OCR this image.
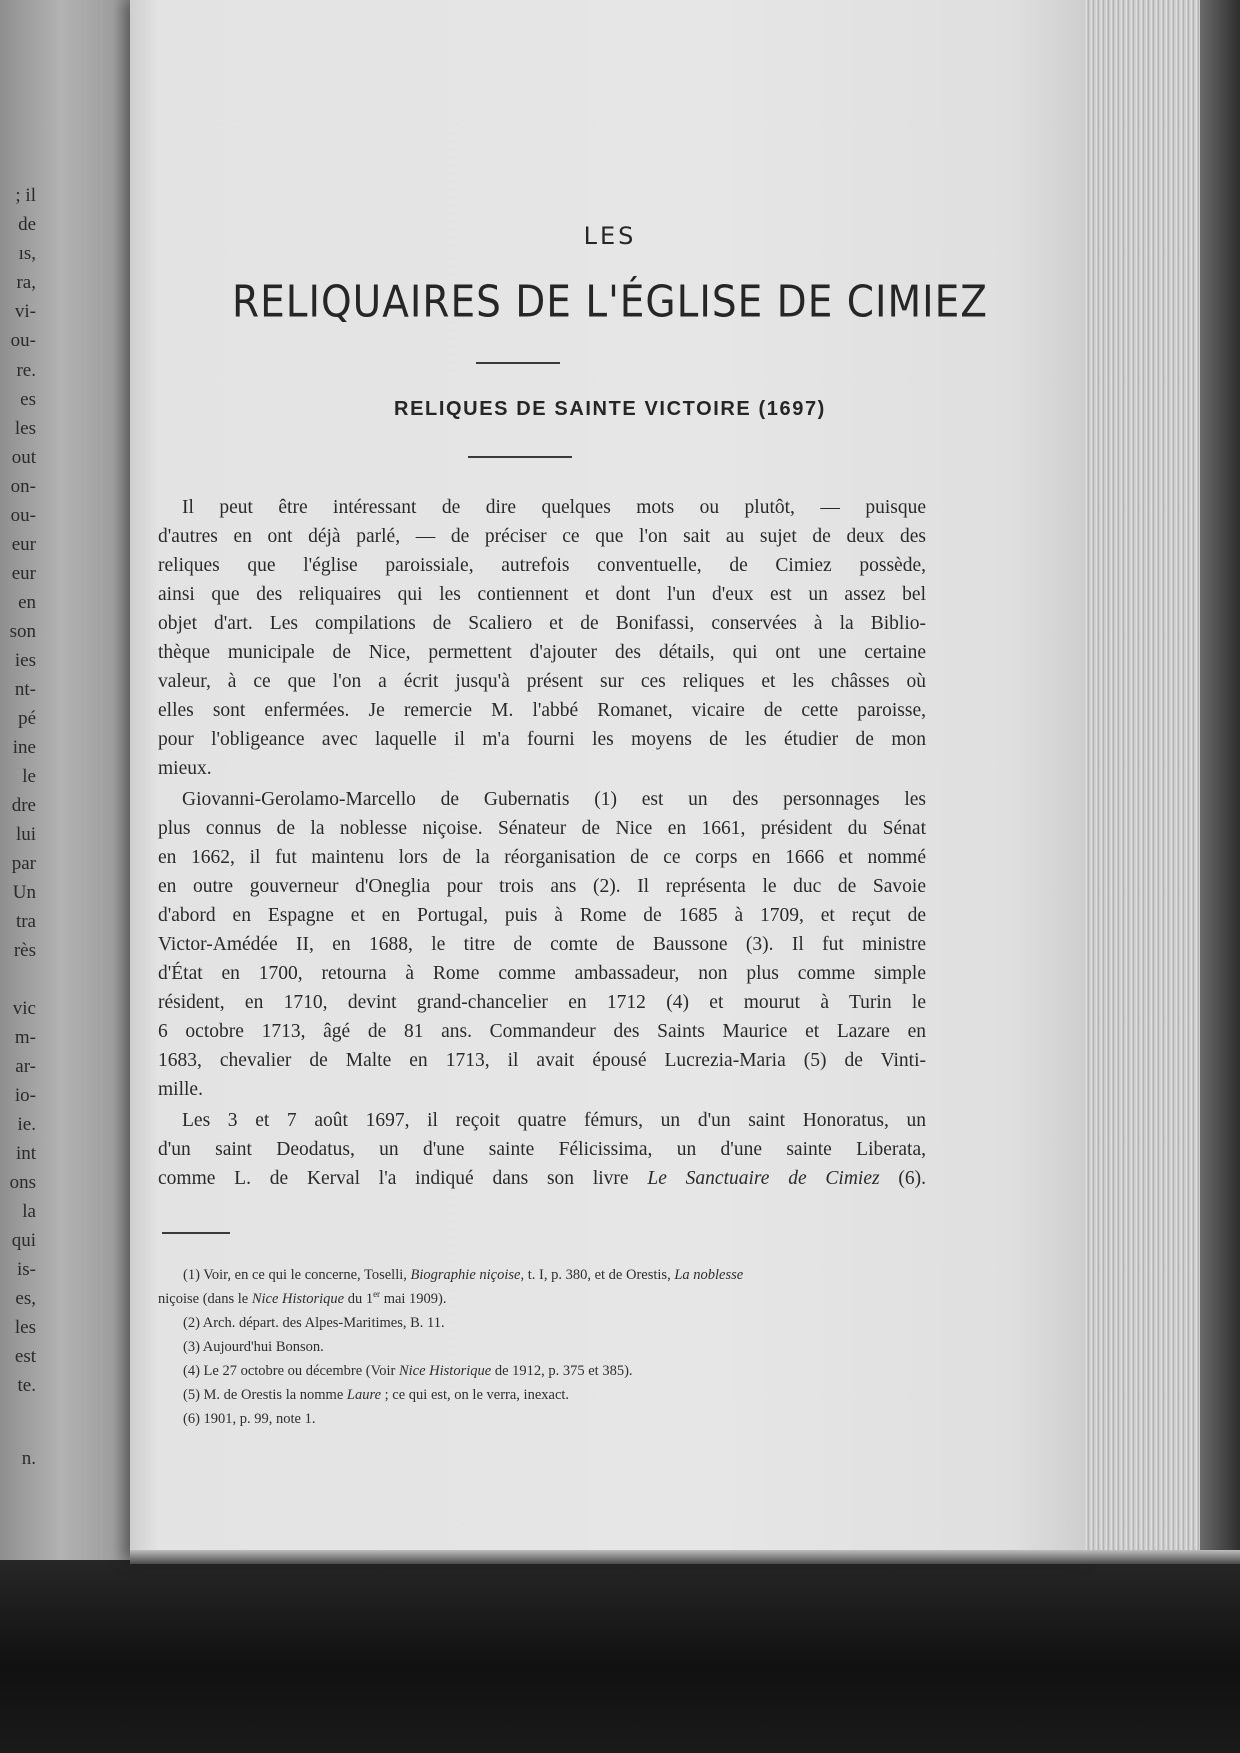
; il
de
ıs,
ra,
vi-
ou-
re.
es
les
out
on-
ou-
eur
eur
en
son
ies
nt-
pé
ine
le
dre
lui
par
Un
tra
rès
vic
m-
ar-
io-
ie.
int
ons
la
qui
is-
es,
les
est
te.
n.
LES
RELIQUAIRES DE L'ÉGLISE DE CIMIEZ
RELIQUES DE SAINTE VICTOIRE (1697)
Il peut être intéressant de dire quelques mots ou plutôt, — puisque
d'autres en ont déjà parlé, — de préciser ce que l'on sait au sujet de deux des
reliques que l'église paroissiale, autrefois conventuelle, de Cimiez possède,
ainsi que des reliquaires qui les contiennent et dont l'un d'eux est un assez bel
objet d'art. Les compilations de Scaliero et de Bonifassi, conservées à la Biblio-
thèque municipale de Nice, permettent d'ajouter des détails, qui ont une certaine
valeur, à ce que l'on a écrit jusqu'à présent sur ces reliques et les châsses où
elles sont enfermées. Je remercie M. l'abbé Romanet, vicaire de cette paroisse,
pour l'obligeance avec laquelle il m'a fourni les moyens de les étudier de mon
mieux.
Giovanni-Gerolamo-Marcello de Gubernatis (1) est un des personnages les
plus connus de la noblesse niçoise. Sénateur de Nice en 1661, président du Sénat
en 1662, il fut maintenu lors de la réorganisation de ce corps en 1666 et nommé
en outre gouverneur d'Oneglia pour trois ans (2). Il représenta le duc de Savoie
d'abord en Espagne et en Portugal, puis à Rome de 1685 à 1709, et reçut de
Victor-Amédée II, en 1688, le titre de comte de Baussone (3). Il fut ministre
d'État en 1700, retourna à Rome comme ambassadeur, non plus comme simple
résident, en 1710, devint grand-chancelier en 1712 (4) et mourut à Turin le
6 octobre 1713, âgé de 81 ans. Commandeur des Saints Maurice et Lazare en
1683, chevalier de Malte en 1713, il avait épousé Lucrezia-Maria (5) de Vinti-
mille.
Les 3 et 7 août 1697, il reçoit quatre fémurs, un d'un saint Honoratus, un
d'un saint Deodatus, un d'une sainte Félicissima, un d'une sainte Liberata,
comme L. de Kerval l'a indiqué dans son livre Le Sanctuaire de Cimiez (6).
(1) Voir, en ce qui le concerne, Toselli, Biographie niçoise, t. I, p. 380, et de Orestis, La noblesse
niçoise (dans le Nice Historique du 1er mai 1909).
(2) Arch. départ. des Alpes-Maritimes, B. 11.
(3) Aujourd'hui Bonson.
(4) Le 27 octobre ou décembre (Voir Nice Historique de 1912, p. 375 et 385).
(5) M. de Orestis la nomme Laure ; ce qui est, on le verra, inexact.
(6) 1901, p. 99, note 1.
